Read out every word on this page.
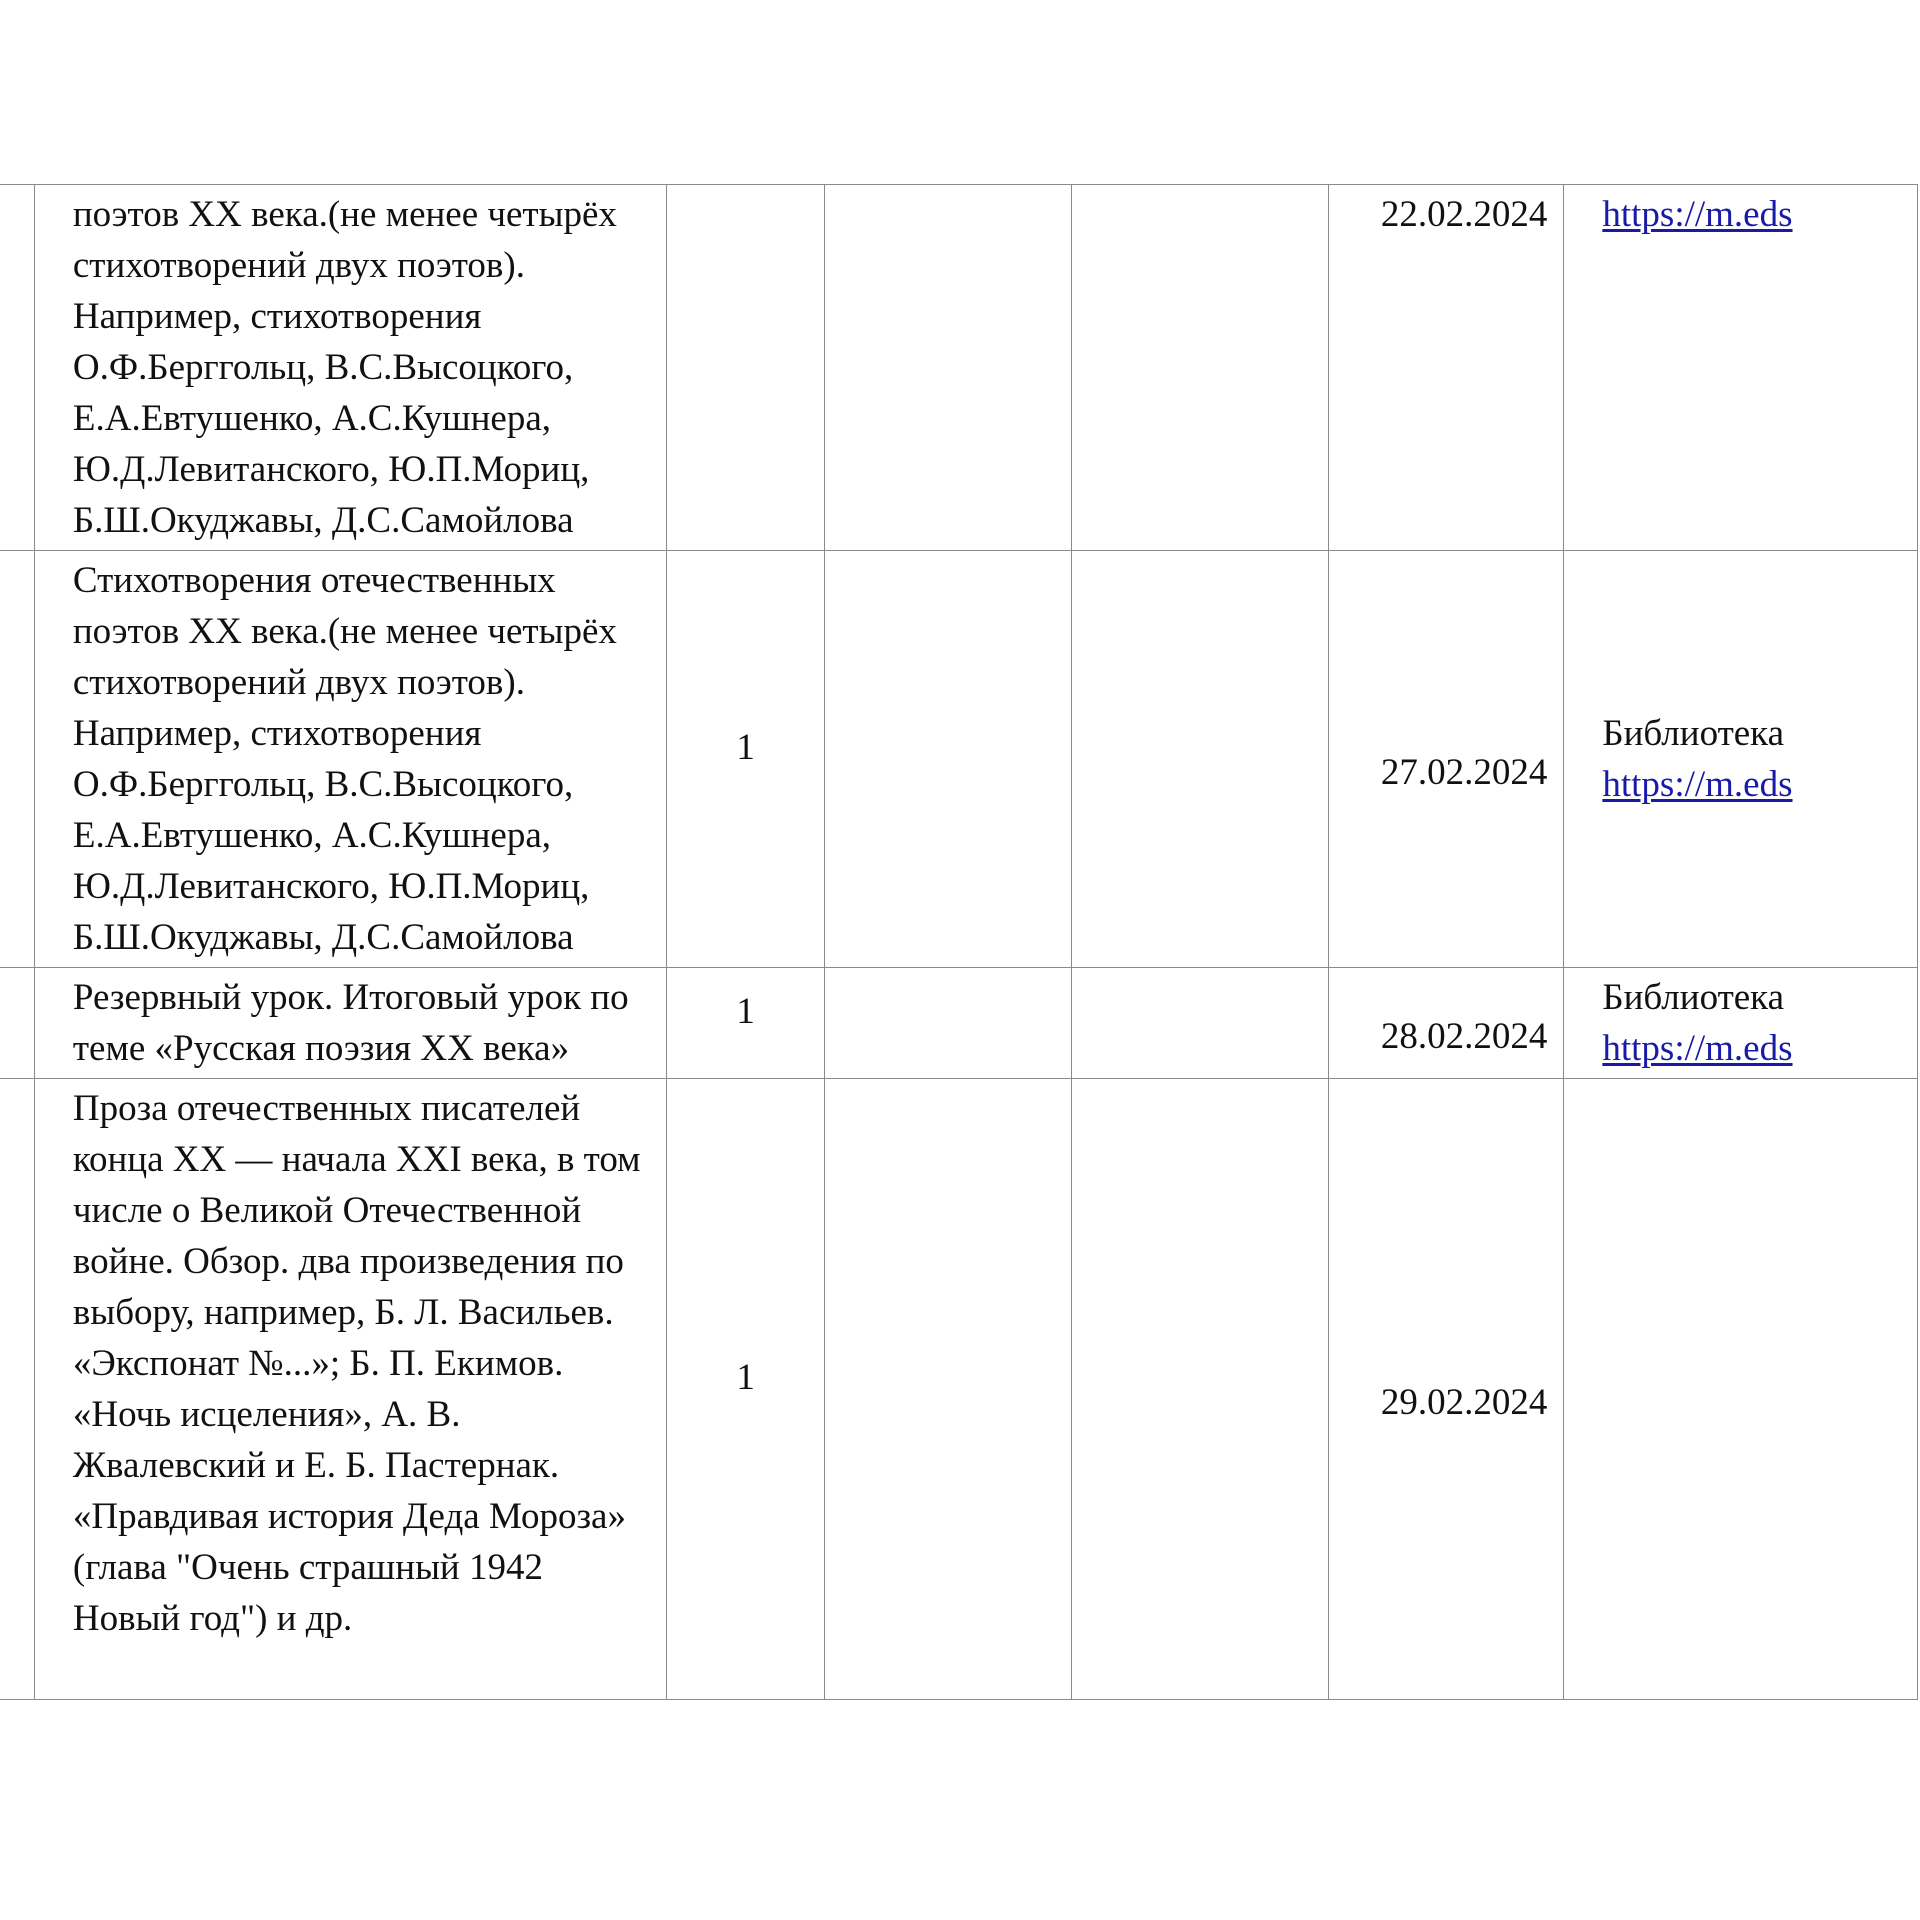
	поэтов XX века.(не менее четырёх стихотворений двух поэтов). Например, стихотворения О.Ф.Берггольц, В.С.Высоцкого, Е.А.Евтушенко, А.С.Кушнера, Ю.Д.Левитанского, Ю.П.Мориц, Б.Ш.Окуджавы, Д.С.Самойлова				22.02.2024	https://m.eds

	Стихотворения отечественных поэтов XX века.(не менее четырёх стихотворений двух поэтов). Например, стихотворения О.Ф.Берггольц, В.С.Высоцкого, Е.А.Евтушенко, А.С.Кушнера, Ю.Д.Левитанского, Ю.П.Мориц, Б.Ш.Окуджавы, Д.С.Самойлова	1			27.02.2024	Библиотека
https://m.eds

	Резервный урок. Итоговый урок по теме «Русская поэзия XX века»	1			28.02.2024	Библиотека
https://m.eds

	Проза отечественных писателей конца XX — начала XXI века, в том числе о Великой Отечественной войне. Обзор. два произведения по выбору, например, Б. Л. Васильев. «Экспонат №...»; Б. П. Екимов. «Ночь исцеления», А. В. Жвалевский и Е. Б. Пастернак. «Правдивая история Деда Мороза» (глава "Очень страшный 1942 Новый год") и др.	1			29.02.2024	
